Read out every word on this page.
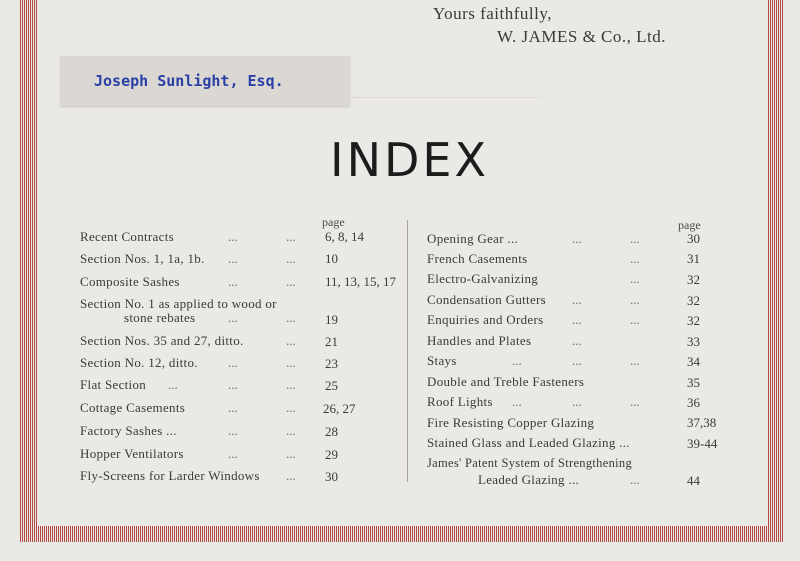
Yours faithfully,
W. JAMES & Co., Ltd.
Joseph Sunlight, Esq.
INDEX
page	page
Recent Contracts	...	... 6, 8, 14
Section Nos. 1, 1a, 1b. ...	... 10
Composite Sashes	...	... 11, 13, 15, 17
Section No. 1 as applied to wood or
stone rebates	...	... 19
Section Nos. 35 and 27, ditto.	... 21
Section No. 12, ditto. ...	... 23
Flat Section ...	...	... 25
Cottage Casements	...	... 26, 27
Factory Sashes ...	...	... 28
Hopper Ventilators	...	... 29
Fly-Screens for Larder Windows ... 30
Opening Gear ...	...	...	30
French Casements	...	31
Electro-Galvanizing	...	32
Condensation Gutters ...	...	32
Enquiries and Orders ...	...	32
Handles and Plates	...	33
Stays	...	...	...	34
Double and Treble Fasteners	35
Roof Lights ...	...	...	36
Fire Resisting Copper Glazing	37,38
Stained Glass and Leaded Glazing ...	39-44
James' Patent System of Strengthening
Leaded Glazing ...	...	44
